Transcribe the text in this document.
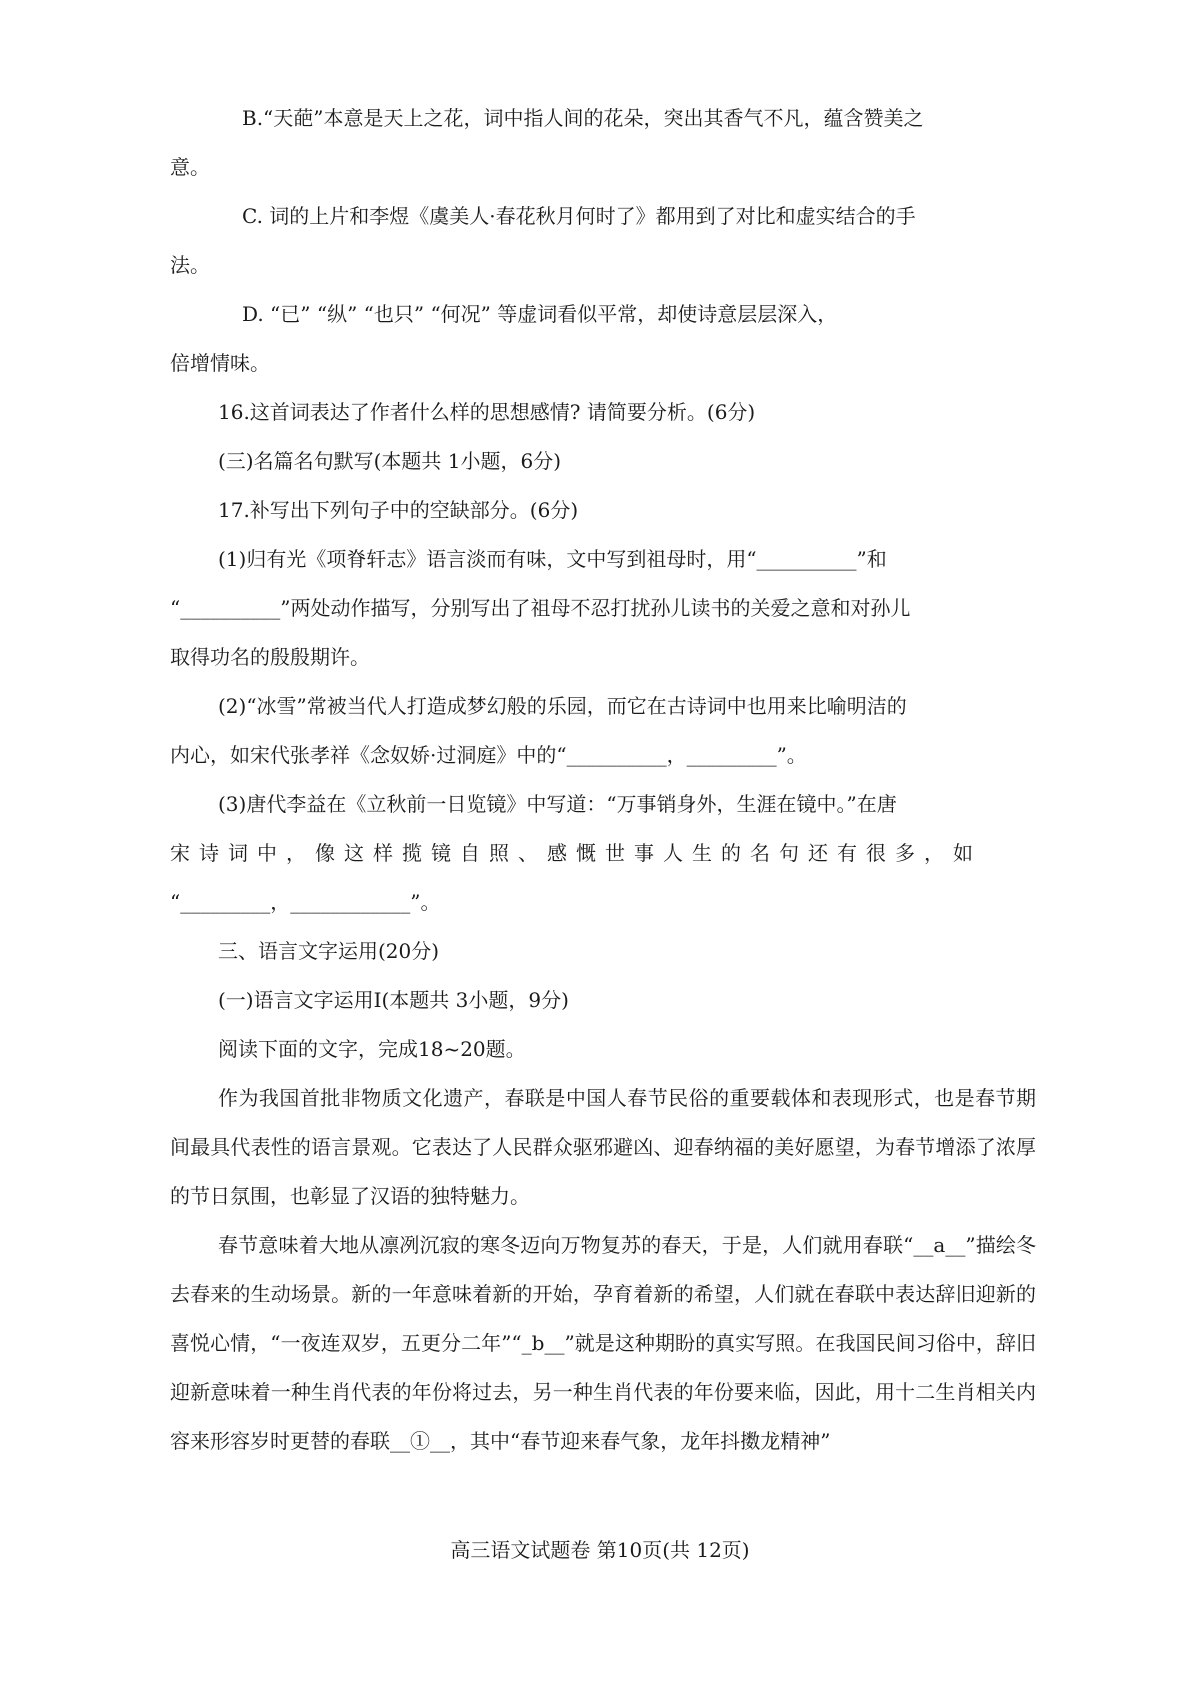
B.“天葩”本意是天上之花，词中指人间的花朵，突出其香气不凡，蕴含赞美之

意。

C. 词的上片和李煜《虞美人·春花秋月何时了》都用到了对比和虚实结合的手

法。

D. “已” “纵” “也只” “何况” 等虚词看似平常，却使诗意层层深入，

倍增情味。

16.这首词表达了作者什么样的思想感情? 请简要分析。(6分)

(三)名篇名句默写(本题共 1小题，6分)

17.补写出下列句子中的空缺部分。(6分)

(1)归有光《项脊轩志》语言淡而有味，文中写到祖母时，用“__________”和

“__________”两处动作描写，分别写出了祖母不忍打扰孙儿读书的关爱之意和对孙儿

取得功名的殷殷期许。

(2)“冰雪”常被当代人打造成梦幻般的乐园，而它在古诗词中也用来比喻明洁的

内心，如宋代张孝祥《念奴娇·过洞庭》中的“__________，_________”。

(3)唐代李益在《立秋前一日览镜》中写道：“万事销身外，生涯在镜中。”在唐

宋诗词中，像这样揽镜自照、感慨世事人生的名句还有很多，如

“_________，____________”。

三、语言文字运用(20分)

(一)语言文字运用Ⅰ(本题共 3小题，9分)

阅读下面的文字，完成18~20题。

作为我国首批非物质文化遗产，春联是中国人春节民俗的重要载体和表现形式，也是春节期间最具代表性的语言景观。它表达了人民群众驱邪避凶、迎春纳福的美好愿望，为春节增添了浓厚的节日氛围，也彰显了汉语的独特魅力。

春节意味着大地从凛冽沉寂的寒冬迈向万物复苏的春天，于是，人们就用春联“__a__”描绘冬去春来的生动场景。新的一年意味着新的开始，孕育着新的希望，人们就在春联中表达辞旧迎新的喜悦心情，“一夜连双岁，五更分二年”“_b__”就是这种期盼的真实写照。在我国民间习俗中，辞旧迎新意味着一种生肖代表的年份将过去，另一种生肖代表的年份要来临，因此，用十二生肖相关内容来形容岁时更替的春联__①__，其中“春节迎来春气象，龙年抖擞龙精神”

高三语文试题卷 第10页(共 12页)
